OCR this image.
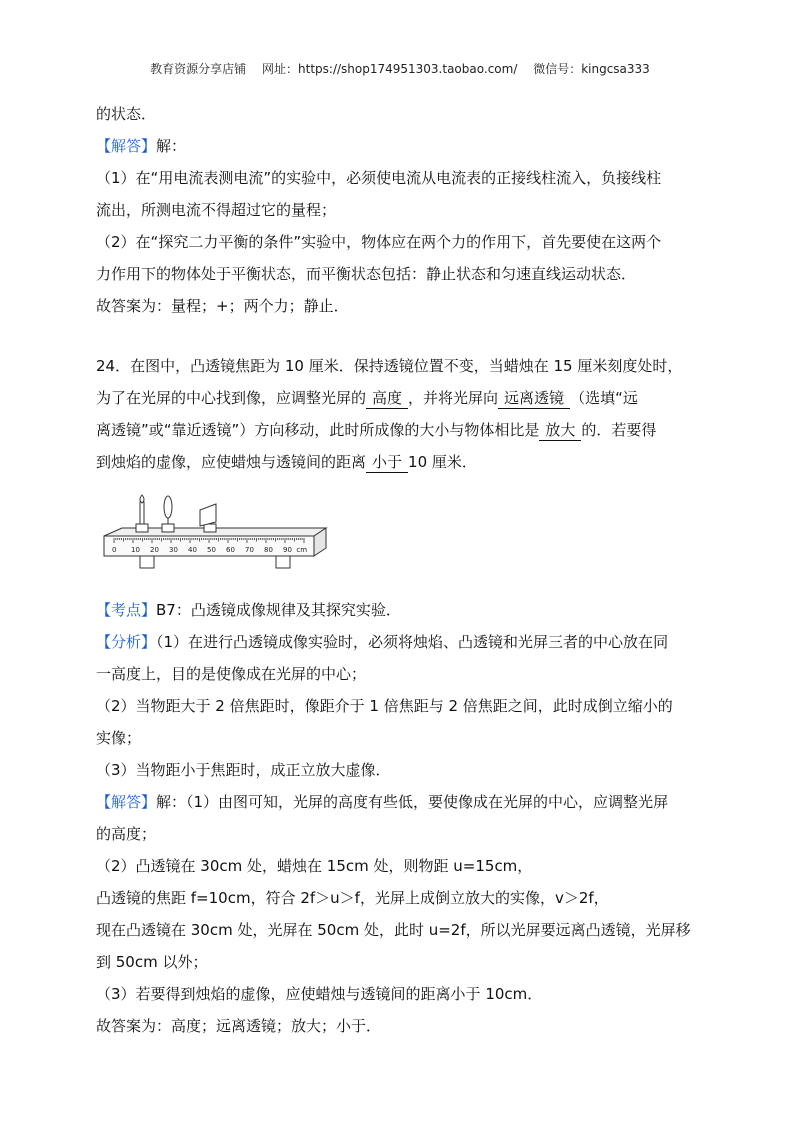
教育资源分享店铺 网址：https://shop174951303.taobao.com/ 微信号：kingcsa333
的状态．
【解答】解：
（1）在“用电流表测电流”的实验中，必须使电流从电流表的正接线柱流入，负接线柱
流出，所测电流不得超过它的量程；
（2）在“探究二力平衡的条件”实验中，物体应在两个力的作用下，首先要使在这两个
力作用下的物体处于平衡状态，而平衡状态包括：静止状态和匀速直线运动状态．
故答案为：量程；+；两个力；静止．
24．在图中，凸透镜焦距为 10 厘米．保持透镜位置不变，当蜡烛在 15 厘米刻度处时，
为了在光屏的中心找到像，应调整光屏的 高度 ，并将光屏向 远离透镜 （选填“远
离透镜”或“靠近透镜”）方向移动，此时所成像的大小与物体相比是 放大 的．若要得
到烛焰的虚像，应使蜡烛与透镜间的距离 小于 10 厘米．
0 10 20 30 40 50 60 70 80 90 cm
【考点】B7：凸透镜成像规律及其探究实验．
【分析】（1）在进行凸透镜成像实验时，必须将烛焰、凸透镜和光屏三者的中心放在同
一高度上，目的是使像成在光屏的中心；
（2）当物距大于 2 倍焦距时，像距介于 1 倍焦距与 2 倍焦距之间，此时成倒立缩小的
实像；
（3）当物距小于焦距时，成正立放大虚像．
【解答】解：（1）由图可知，光屏的高度有些低，要使像成在光屏的中心，应调整光屏
的高度；
（2）凸透镜在 30cm 处，蜡烛在 15cm 处，则物距 u=15cm，
凸透镜的焦距 f=10cm，符合 2f＞u＞f，光屏上成倒立放大的实像，v＞2f，
现在凸透镜在 30cm 处，光屏在 50cm 处，此时 u=2f，所以光屏要远离凸透镜，光屏移
到 50cm 以外；
（3）若要得到烛焰的虚像，应使蜡烛与透镜间的距离小于 10cm．
故答案为：高度；远离透镜；放大；小于．
